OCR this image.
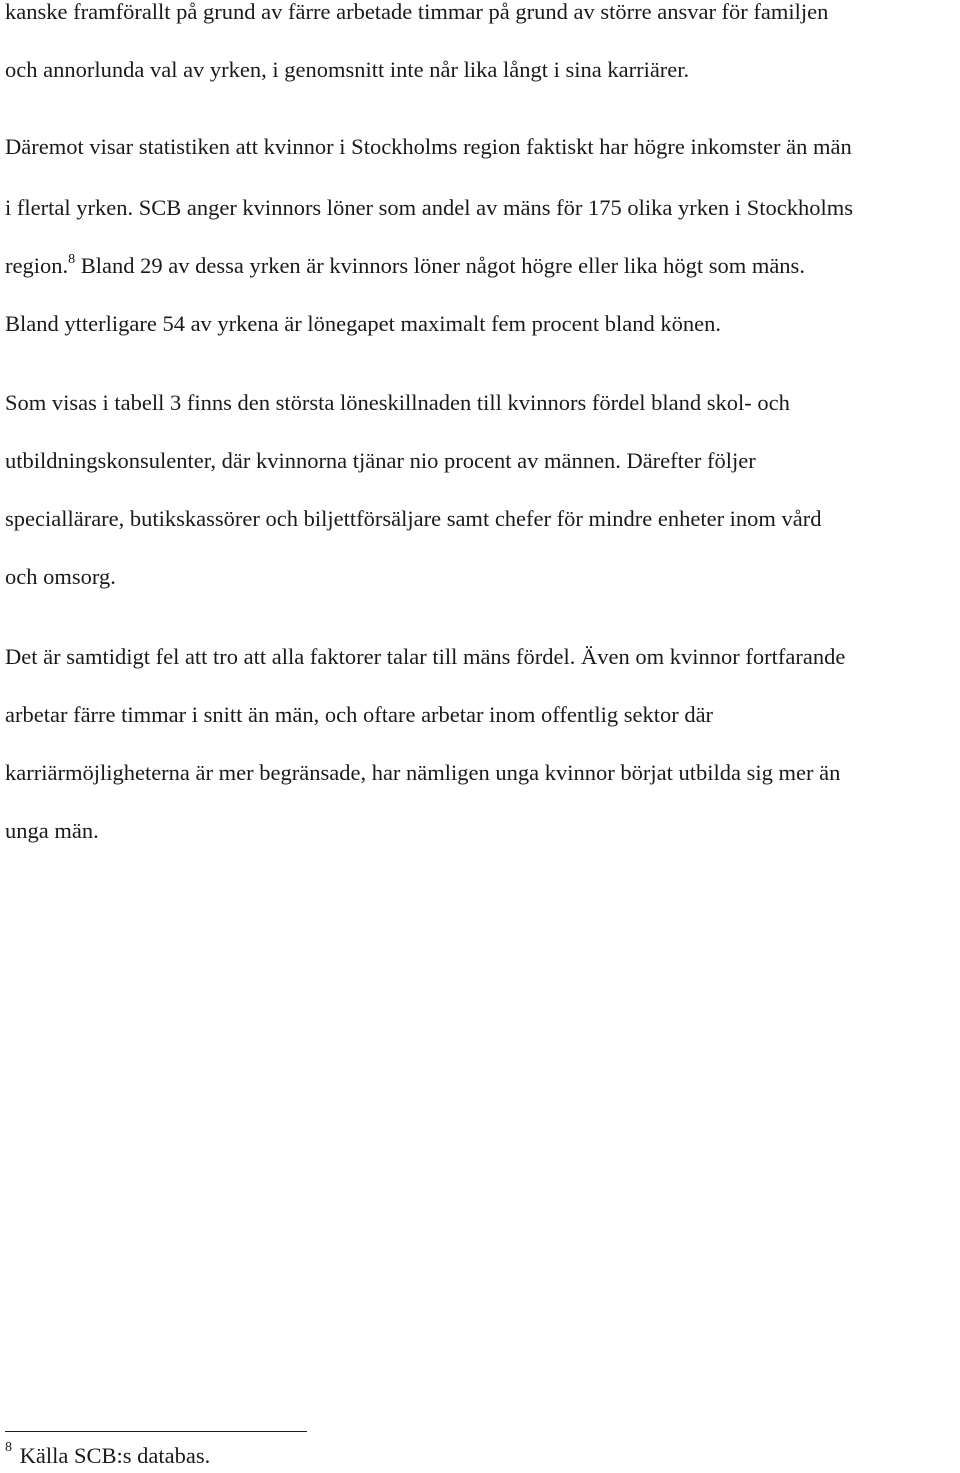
kanske framförallt på grund av färre arbetade timmar på grund av större ansvar för familjen
och annorlunda val av yrken, i genomsnitt inte når lika långt i sina karriärer.
Däremot visar statistiken att kvinnor i Stockholms region faktiskt har högre inkomster än män
i flertal yrken. SCB anger kvinnors löner som andel av mäns för 175 olika yrken i Stockholms
region.$^8$ Bland 29 av dessa yrken är kvinnors löner något högre eller lika högt som mäns.
Bland ytterligare 54 av yrkena är lönegapet maximalt fem procent bland könen.
Som visas i tabell 3 finns den största löneskillnaden till kvinnors fördel bland skol- och
utbildningskonsulenter, där kvinnorna tjänar nio procent av männen. Därefter följer
speciallärare, butikskassörer och biljettförsäljare samt chefer för mindre enheter inom vård
och omsorg.
Det är samtidigt fel att tro att alla faktorer talar till mäns fördel. Även om kvinnor fortfarande
arbetar färre timmar i snitt än män, och oftare arbetar inom offentlig sektor där
karriärmöjligheterna är mer begränsade, har nämligen unga kvinnor börjat utbilda sig mer än
unga män.
$^8$ Källa SCB:s databas.
